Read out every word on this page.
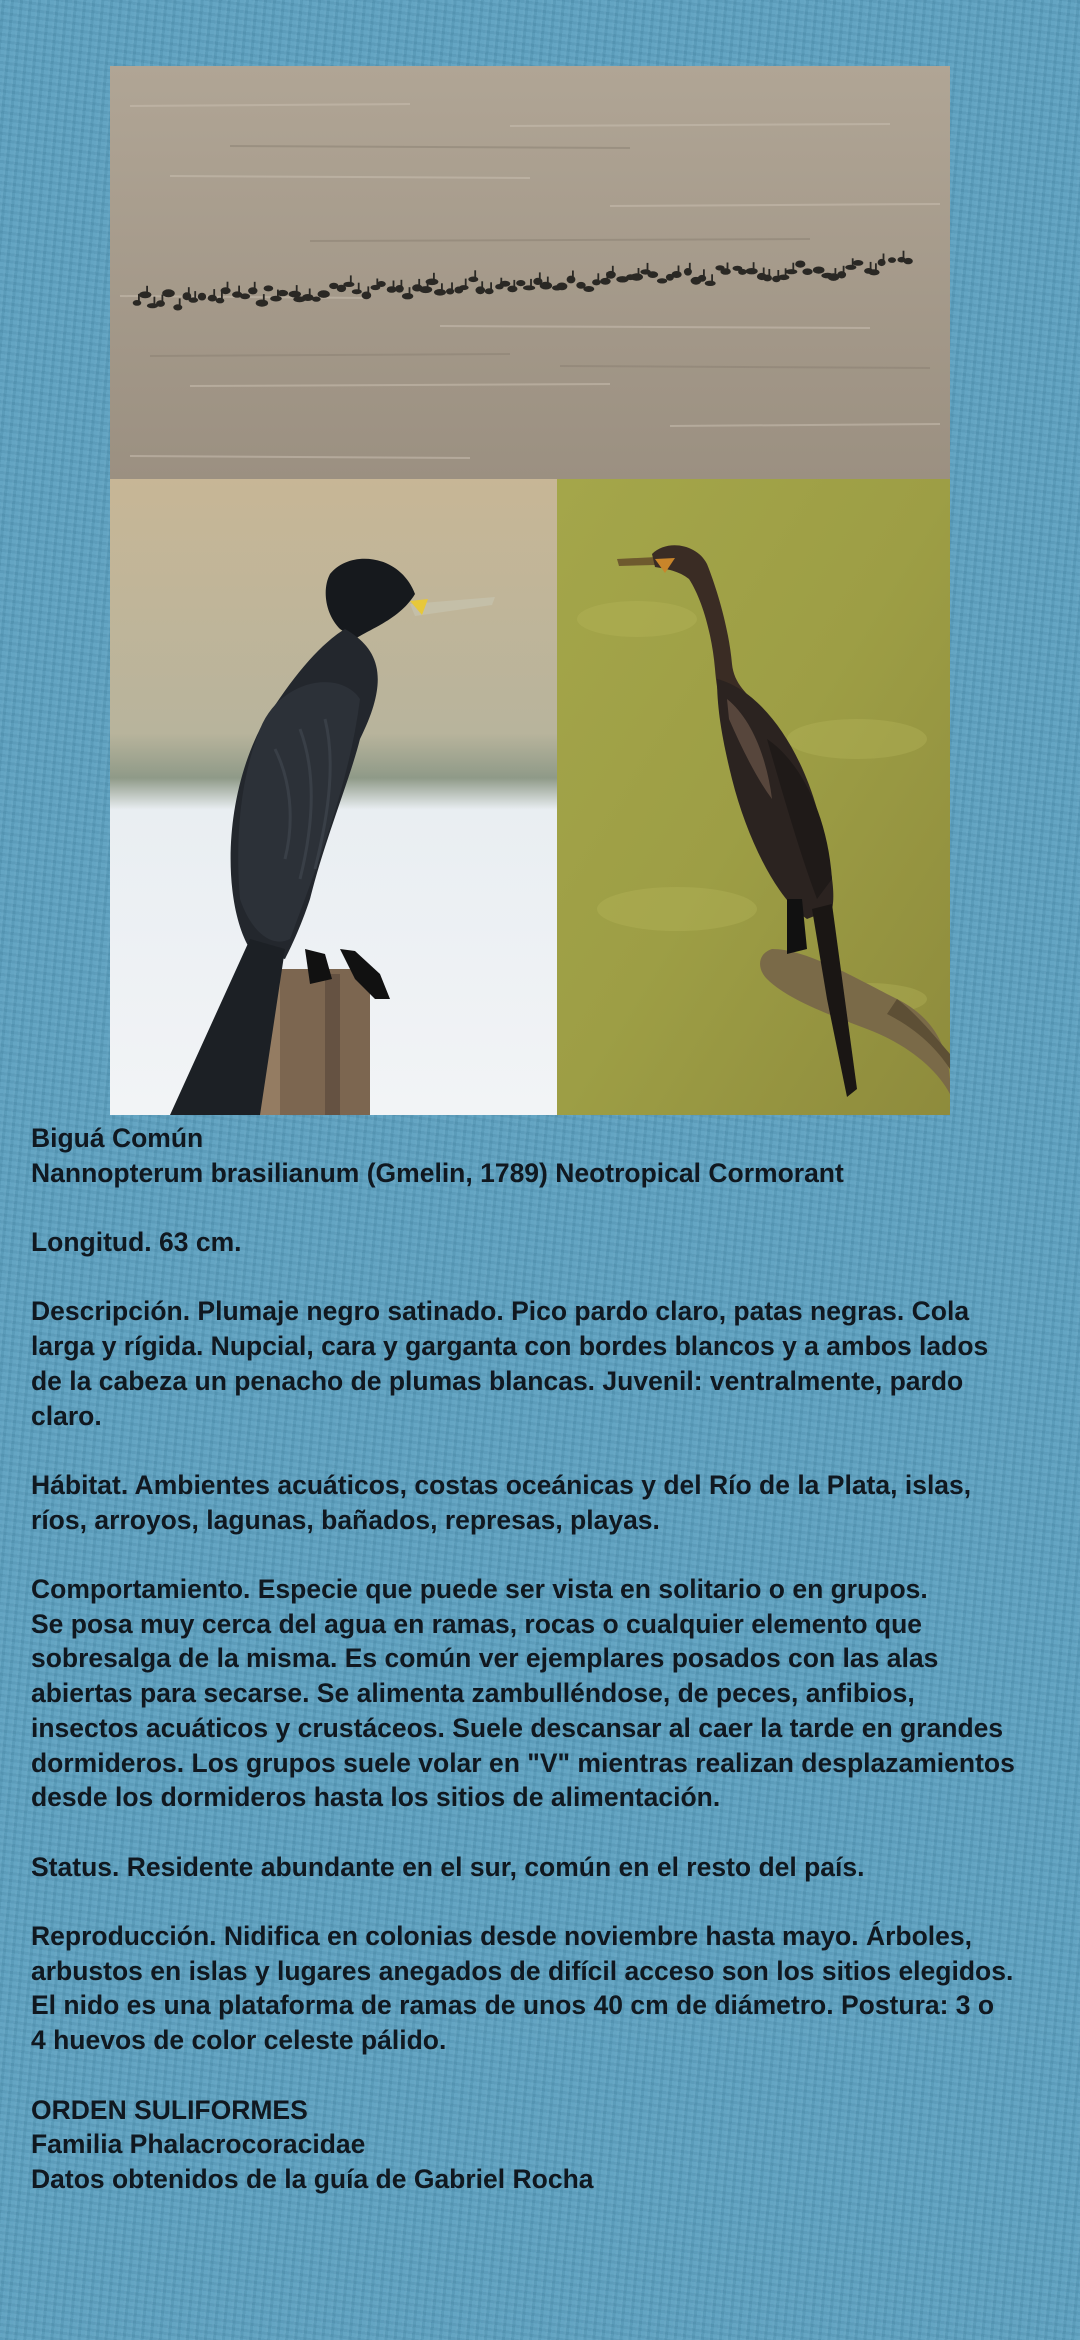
Biguá Común

Nannopterum brasilianum (Gmelin, 1789) Neotropical Cormorant

Longitud. 63 cm.

Descripción. Plumaje negro satinado. Pico pardo claro, patas negras. Cola

larga y rígida. Nupcial, cara y garganta con bordes blancos y a ambos lados

de la cabeza un penacho de plumas blancas. Juvenil: ventralmente, pardo

claro.

Hábitat. Ambientes acuáticos, costas oceánicas y del Río de la Plata, islas,

ríos, arroyos, lagunas, bañados, represas, playas.

Comportamiento. Especie que puede ser vista en solitario o en grupos.

Se posa muy cerca del agua en ramas, rocas o cualquier elemento que

sobresalga de la misma. Es común ver ejemplares posados con las alas

abiertas para secarse. Se alimenta zambulléndose, de peces, anfibios,

insectos acuáticos y crustáceos. Suele descansar al caer la tarde en grandes

dormideros. Los grupos suele volar en "V" mientras realizan desplazamientos

desde los dormideros hasta los sitios de alimentación.

Status. Residente abundante en el sur, común en el resto del país.

Reproducción. Nidifica en colonias desde noviembre hasta mayo. Árboles,

arbustos en islas y lugares anegados de difícil acceso son los sitios elegidos.

El nido es una plataforma de ramas de unos 40 cm de diámetro. Postura: 3 o

4 huevos de color celeste pálido.

ORDEN SULIFORMES

Familia Phalacrocoracidae

Datos obtenidos de la guía de Gabriel Rocha
